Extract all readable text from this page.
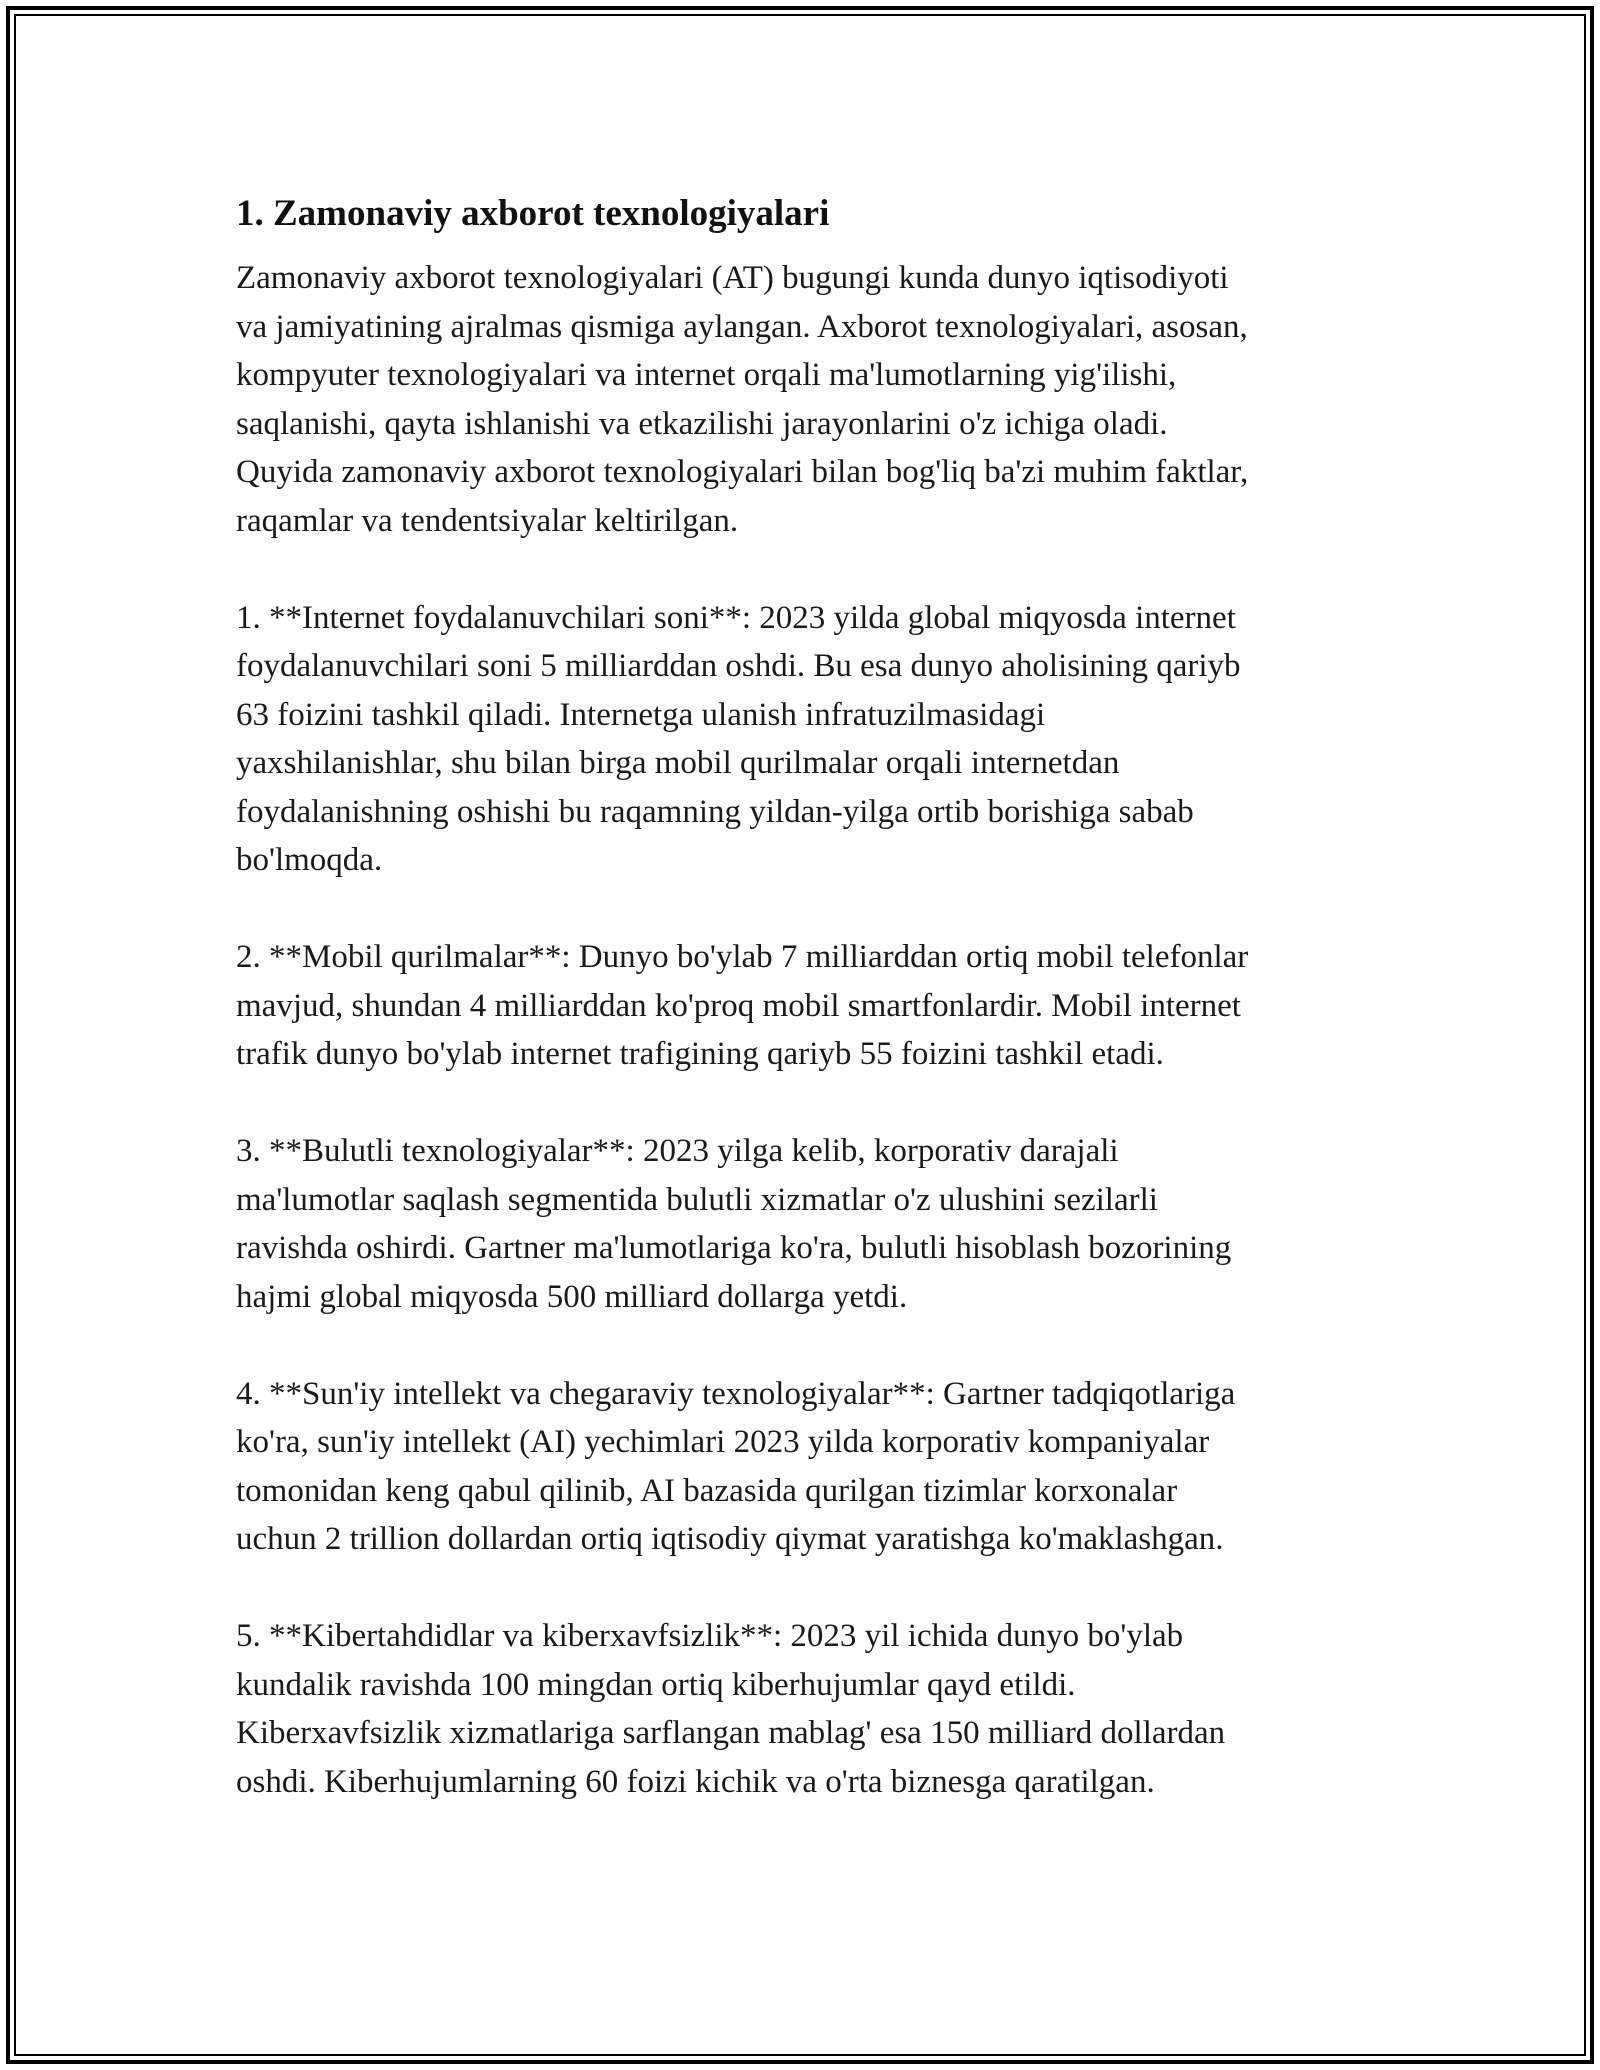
1. Zamonaviy axborot texnologiyalari

Zamonaviy axborot texnologiyalari (AT) bugungi kunda dunyo iqtisodiyoti
va jamiyatining ajralmas qismiga aylangan. Axborot texnologiyalari, asosan,
kompyuter texnologiyalari va internet orqali ma'lumotlarning yig'ilishi,
saqlanishi, qayta ishlanishi va etkazilishi jarayonlarini o'z ichiga oladi.
Quyida zamonaviy axborot texnologiyalari bilan bog'liq ba'zi muhim faktlar,
raqamlar va tendentsiyalar keltirilgan.

1. **Internet foydalanuvchilari soni**: 2023 yilda global miqyosda internet
foydalanuvchilari soni 5 milliarddan oshdi. Bu esa dunyo aholisining qariyb
63 foizini tashkil qiladi. Internetga ulanish infratuzilmasidagi
yaxshilanishlar, shu bilan birga mobil qurilmalar orqali internetdan
foydalanishning oshishi bu raqamning yildan-yilga ortib borishiga sabab
bo'lmoqda.

2. **Mobil qurilmalar**: Dunyo bo'ylab 7 milliarddan ortiq mobil telefonlar
mavjud, shundan 4 milliarddan ko'proq mobil smartfonlardir. Mobil internet
trafik dunyo bo'ylab internet trafigining qariyb 55 foizini tashkil etadi.

3. **Bulutli texnologiyalar**: 2023 yilga kelib, korporativ darajali
ma'lumotlar saqlash segmentida bulutli xizmatlar o'z ulushini sezilarli
ravishda oshirdi. Gartner ma'lumotlariga ko'ra, bulutli hisoblash bozorining
hajmi global miqyosda 500 milliard dollarga yetdi.

4. **Sun'iy intellekt va chegaraviy texnologiyalar**: Gartner tadqiqotlariga
ko'ra, sun'iy intellekt (AI) yechimlari 2023 yilda korporativ kompaniyalar
tomonidan keng qabul qilinib, AI bazasida qurilgan tizimlar korxonalar
uchun 2 trillion dollardan ortiq iqtisodiy qiymat yaratishga ko'maklashgan.

5. **Kibertahdidlar va kiberxavfsizlik**: 2023 yil ichida dunyo bo'ylab
kundalik ravishda 100 mingdan ortiq kiberhujumlar qayd etildi.
Kiberxavfsizlik xizmatlariga sarflangan mablag' esa 150 milliard dollardan
oshdi. Kiberhujumlarning 60 foizi kichik va o'rta biznesga qaratilgan.
